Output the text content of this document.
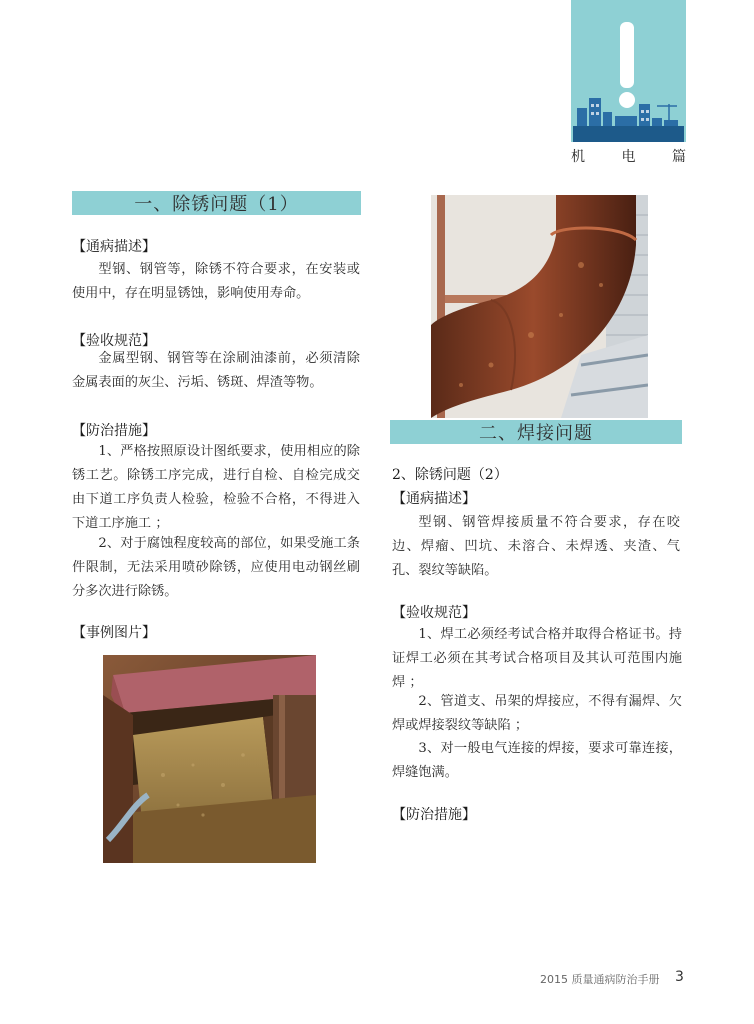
机	电	篇
一、除锈问题（1）
【通病描述】
型钢、钢管等，除锈不符合要求，在安装或使用中，存在明显锈蚀，影响使用寿命。
【验收规范】
金属型钢、钢管等在涂刷油漆前，必须清除金属表面的灰尘、污垢、锈斑、焊渣等物。
【防治措施】
1、严格按照原设计图纸要求，使用相应的除锈工艺。除锈工序完成，进行自检、自检完成交由下道工序负责人检验，检验不合格，不得进入下道工序施工 ；
2、对于腐蚀程度较高的部位，如果受施工条件限制，无法采用喷砂除锈，应使用电动钢丝刷分多次进行除锈。
【事例图片】
二、焊接问题
2、除锈问题（2）
【通病描述】
型钢、钢管焊接质量不符合要求，存在咬边、焊瘤、凹坑、未溶合、未焊透、夹渣、气孔、裂纹等缺陷。
【验收规范】
1、焊工必须经考试合格并取得合格证书。持证焊工必须在其考试合格项目及其认可范围内施焊 ；
2、管道支、吊架的焊接应，不得有漏焊、欠焊或焊接裂纹等缺陷 ；
3、对一般电气连接的焊接，要求可靠连接，焊缝饱满。
【防治措施】
2015 质量通病防治手册 3
